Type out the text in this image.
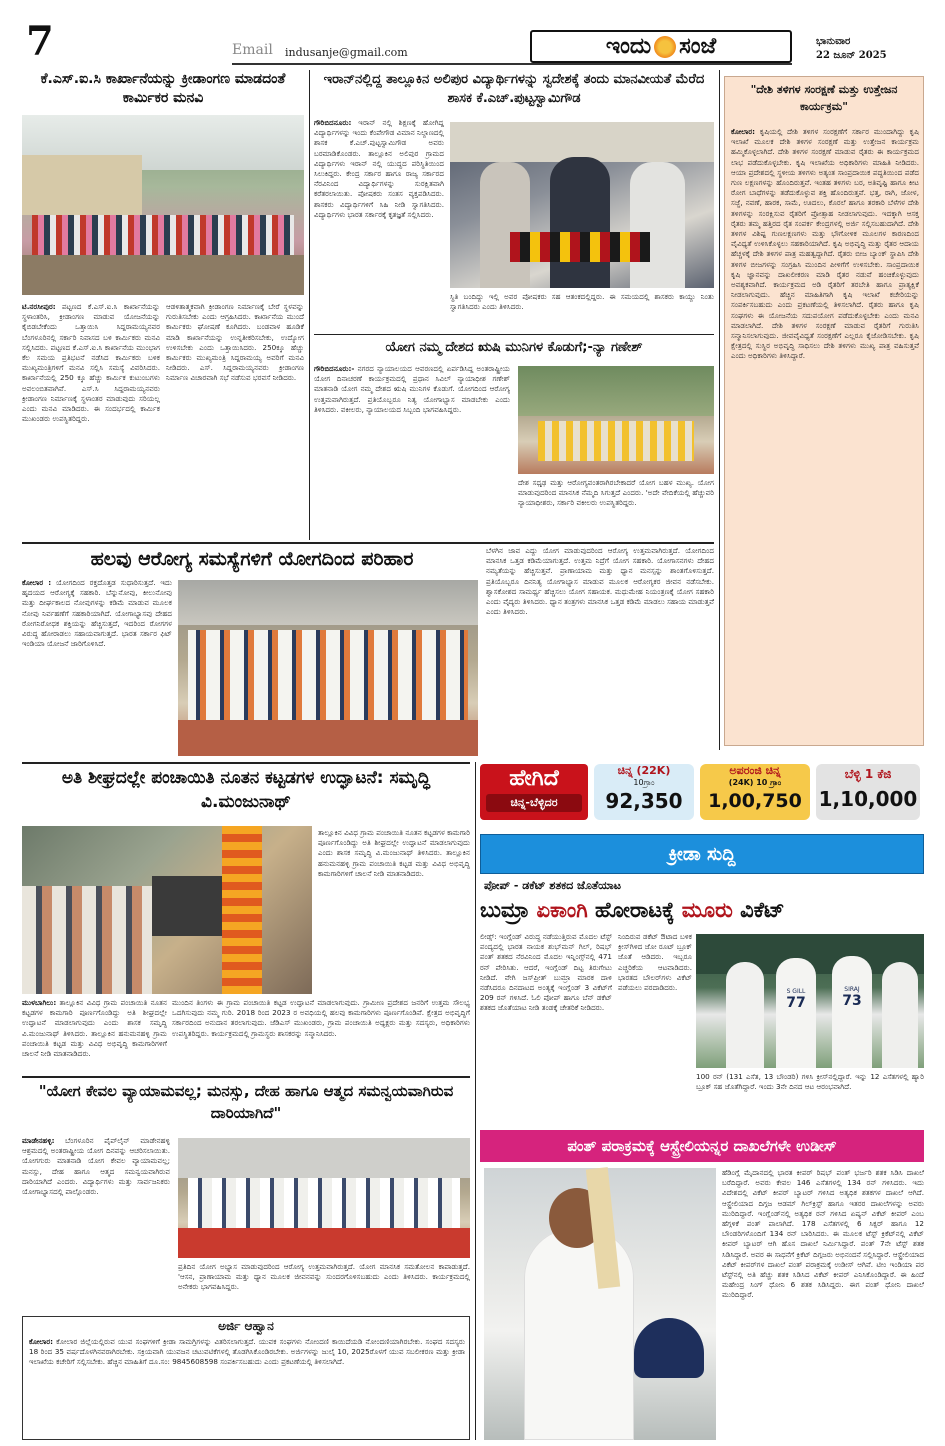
7	Email indusanje@gmail.com	ಇಂದು ಸಂಜೆ	ಭಾನುವಾರ
22 ಜೂನ್ 2025
ಕೆ.ಎಸ್.ಐ.ಸಿ ಕಾರ್ಖಾನೆಯನ್ನು ಕ್ರೀಡಾಂಗಣ ಮಾಡದಂತೆ ಕಾರ್ಮಿಕರ ಮನವಿ
ಟಿ.ನರಸೀಪುರ: ಪಟ್ಟಣದ ಕೆ.ಎಸ್.ಐ.ಸಿ ಕಾರ್ಖಾನೆಯನ್ನು ಸ್ಥಳಾಂತರಿಸಿ, ಕ್ರೀಡಾಂಗಣ ಮಾಡುವ ಯೋಜನೆಯನ್ನು ಕೈಬಿಡಬೇಕೆಂದು ಒತ್ತಾಯಿಸಿ ಸಿದ್ದರಾಮಯ್ಯನವರ ಬೆಂಗಳೂರಿನಲ್ಲಿ ಸರ್ಕಾರಿ ನಿವಾಸದ ಬಳಿ ಕಾರ್ಮಿಕರು ಮನವಿ ಸಲ್ಲಿಸಿದರು. ಪಟ್ಟಣದ ಕೆ.ಎಸ್.ಐ.ಸಿ ಕಾರ್ಖಾನೆಯ ಮುಂಭಾಗ ಕೆಲ ಸಮಯ ಪ್ರತಿಭಟನೆ ನಡೆಸಿದ ಕಾರ್ಮಿಕರು ಬಳಿಕ ಮುಖ್ಯಮಂತ್ರಿಗಳಿಗೆ ಮನವಿ ಸಲ್ಲಿಸಿ ಸಮಸ್ಯೆ ವಿವರಿಸಿದರು. ಕಾರ್ಖಾನೆಯಲ್ಲಿ 250 ಕ್ಕೂ ಹೆಚ್ಚು ಕಾರ್ಮಿಕ ಕುಟುಂಬಗಳು ಅವಲಂಬಿತವಾಗಿವೆ. ಎಸ್.ಸಿ ಸಿದ್ದರಾಮಯ್ಯನವರು ಕ್ರೀಡಾಂಗಣ ನಿರ್ಮಾಣಕ್ಕೆ ಸ್ಥಳಾಂತರ ಮಾಡುವುದು ಸರಿಯಲ್ಲ ಎಂದು ಮನವಿ ಮಾಡಿದರು. ಈ ಸಂದರ್ಭದಲ್ಲಿ ಕಾರ್ಮಿಕ ಮುಖಂಡರು ಉಪಸ್ಥಿತರಿದ್ದರು.
ಆಡಳಿತಾತ್ಮಕವಾಗಿ ಕ್ರೀಡಾಂಗಣ ನಿರ್ಮಾಣಕ್ಕೆ ಬೇರೆ ಸ್ಥಳವನ್ನು ಗುರುತಿಸಬೇಕು ಎಂದು ಆಗ್ರಹಿಸಿದರು. ಕಾರ್ಖಾನೆಯ ಮುಂದೆ ಕಾರ್ಮಿಕರು ಘೋಷಣೆ ಕೂಗಿದರು. ಬಂಡವಾಳ ಹೂಡಿಕೆ ಮಾಡಿ ಕಾರ್ಖಾನೆಯನ್ನು ಉನ್ನತೀಕರಿಸಬೇಕು, ಉದ್ಯೋಗ ಉಳಿಸಬೇಕು ಎಂದು ಒತ್ತಾಯಿಸಿದರು. 250ಕ್ಕೂ ಹೆಚ್ಚು ಕಾರ್ಮಿಕರು ಮುಖ್ಯಮಂತ್ರಿ ಸಿದ್ದರಾಮಯ್ಯ ಅವರಿಗೆ ಮನವಿ ನೀಡಿದರು. ಎಸ್. ಸಿದ್ದರಾಮಯ್ಯನವರು ಕ್ರೀಡಾಂಗಣ ನಿರ್ಮಾಣ ವಿಚಾರವಾಗಿ ಸಭೆ ನಡೆಸುವ ಭರವಸೆ ನೀಡಿದರು.
ಇರಾನ್‌ನಲ್ಲಿದ್ದ ತಾಲ್ಲೂಕಿನ ಅಲಿಪುರ ವಿದ್ಯಾರ್ಥಿಗಳನ್ನು ಸ್ವದೇಶಕ್ಕೆ ತಂದು ಮಾನವೀಯತೆ ಮೆರೆದ ಶಾಸಕ ಕೆ.ಎಚ್.ಪುಟ್ಟಸ್ವಾಮಿಗೌಡ
ಗೌರಿಬಿದನೂರು: ಇರಾನ್ ನಲ್ಲಿ ಶಿಕ್ಷಣಕ್ಕೆ ಹೋಗಿದ್ದ ವಿದ್ಯಾರ್ಥಿಗಳನ್ನು ಇಂದು ಕೆಂಪೇಗೌಡ ವಿಮಾನ ನಿಲ್ದಾಣದಲ್ಲಿ ಶಾಸಕ ಕೆ.ಎಚ್.ಪುಟ್ಟಸ್ವಾಮಿಗೌಡ ಅವರು ಬರಮಾಡಿಕೊಂಡರು. ತಾಲ್ಲೂಕಿನ ಅಲಿಪುರ ಗ್ರಾಮದ ವಿದ್ಯಾರ್ಥಿಗಳು ಇರಾನ್ ನಲ್ಲಿ ಯುದ್ಧದ ಪರಿಸ್ಥಿತಿಯಿಂದ ಸಿಲುಕಿದ್ದರು. ಕೇಂದ್ರ ಸರ್ಕಾರ ಹಾಗೂ ರಾಜ್ಯ ಸರ್ಕಾರದ ನೆರವಿನಿಂದ ವಿದ್ಯಾರ್ಥಿಗಳನ್ನು ಸುರಕ್ಷಿತವಾಗಿ ಕರೆತರಲಾಯಿತು. ಪೋಷಕರು ಸಂತಸ ವ್ಯಕ್ತಪಡಿಸಿದರು. ಶಾಸಕರು ವಿದ್ಯಾರ್ಥಿಗಳಿಗೆ ಸಿಹಿ ನೀಡಿ ಸ್ವಾಗತಿಸಿದರು. ವಿದ್ಯಾರ್ಥಿಗಳು ಭಾರತ ಸರ್ಕಾರಕ್ಕೆ ಕೃತಜ್ಞತೆ ಸಲ್ಲಿಸಿದರು.
ಸ್ಥಿತಿ ಬಂದಿದ್ದು ಇಲ್ಲಿ ಅವರ ಪೋಷಕರು ಸಹ ಆತಂಕದಲ್ಲಿದ್ದರು. ಈ ಸಮಯದಲ್ಲಿ ಶಾಸಕರು ಕಾಯ್ದು ನಿಂತು ಸ್ವಾಗತಿಸಿದರು ಎಂದು ತಿಳಿಸಿದರು.
ಯೋಗ ನಮ್ಮ ದೇಶದ ಋಷಿ ಮುನಿಗಳ ಕೊಡುಗೆ;-ನ್ಯಾ ಗಣೇಶ್
ಗೌರಿಬಿದನೂರು:- ನಗರದ ನ್ಯಾಯಾಲಯದ ಆವರಣದಲ್ಲಿ ಏರ್ಪಡಿಸಿದ್ದ ಅಂತರಾಷ್ಟ್ರೀಯ ಯೋಗ ದಿನಾಚರಣೆ ಕಾರ್ಯಕ್ರಮದಲ್ಲಿ ಪ್ರಧಾನ ಸಿವಿಲ್ ನ್ಯಾಯಾಧೀಶ ಗಣೇಶ್ ಮಾತನಾಡಿ ಯೋಗ ನಮ್ಮ ದೇಶದ ಋಷಿ ಮುನಿಗಳ ಕೊಡುಗೆ. ಯೋಗದಿಂದ ಆರೋಗ್ಯ ಉತ್ತಮವಾಗಿರುತ್ತದೆ. ಪ್ರತಿಯೊಬ್ಬರೂ ನಿತ್ಯ ಯೋಗಾಭ್ಯಾಸ ಮಾಡಬೇಕು ಎಂದು ತಿಳಿಸಿದರು. ವಕೀಲರು, ನ್ಯಾಯಾಲಯದ ಸಿಬ್ಬಂದಿ ಭಾಗವಹಿಸಿದ್ದರು.
ದೇಶ ಸಧೃಢ ಮತ್ತು ಆರೋಗ್ಯವಂತರಾಗಿರಬೇಕಾದರೆ ಯೋಗ ಬಹಳ ಮುಖ್ಯ. ಯೋಗ ಮಾಡುವುದರಿಂದ ಮಾನಸಿಕ ನೆಮ್ಮದಿ ಸಿಗುತ್ತದೆ ಎಂದರು. 'ಅದೇ ವೇದಿಕೆಯಲ್ಲಿ ಹೆಚ್ಚುವರಿ ನ್ಯಾಯಾಧೀಶರು, ಸರ್ಕಾರಿ ವಕೀಲರು ಉಪಸ್ಥಿತರಿದ್ದರು.
"ದೇಶಿ ತಳಿಗಳ ಸಂರಕ್ಷಣೆ ಮತ್ತು ಉತ್ತೇಜನ ಕಾರ್ಯಕ್ರಮ"
ಕೋಲಾರ: ಕೃಷಿಯಲ್ಲಿ ದೇಶಿ ತಳಿಗಳ ಸಂರಕ್ಷಣೆಗೆ ಸರ್ಕಾರ ಮುಂದಾಗಿದ್ದು ಕೃಷಿ ಇಲಾಖೆ ಮೂಲಕ ದೇಶಿ ತಳಿಗಳ ಸಂರಕ್ಷಣೆ ಮತ್ತು ಉತ್ತೇಜನ ಕಾರ್ಯಕ್ರಮ ಹಮ್ಮಿಕೊಳ್ಳಲಾಗಿದೆ. ದೇಶಿ ತಳಿಗಳ ಸಂರಕ್ಷಣೆ ಮಾಡುವ ರೈತರು ಈ ಕಾರ್ಯಕ್ರಮದ ಲಾಭ ಪಡೆದುಕೊಳ್ಳಬೇಕು. ಕೃಷಿ ಇಲಾಖೆಯ ಅಧಿಕಾರಿಗಳು ಮಾಹಿತಿ ನೀಡಿದರು. ಆಯಾ ಪ್ರದೇಶದಲ್ಲಿ ಸ್ಥಳೀಯ ತಳಿಗಳು ಅತ್ಯಂತ ಸಾಂಪ್ರದಾಯಿಕ ಪದ್ಧತಿಯಿಂದ ಪಡೆದ ಗುಣ ಲಕ್ಷಣಗಳನ್ನು ಹೊಂದಿರುತ್ತವೆ. ಇಂತಹ ತಳಿಗಳು ಬರ, ಅತಿವೃಷ್ಟಿ ಹಾಗೂ ಕೀಟ ರೋಗ ಬಾಧೆಗಳನ್ನು ತಡೆದುಕೊಳ್ಳುವ ಶಕ್ತಿ ಹೊಂದಿರುತ್ತವೆ. ಭತ್ತ, ರಾಗಿ, ಜೋಳ, ಸಜ್ಜೆ, ನವಣೆ, ಹಾರಕ, ಸಾಮೆ, ಊದಲು, ಕೊರಲೆ ಹಾಗೂ ತರಕಾರಿ ಬೆಳೆಗಳ ದೇಶಿ ತಳಿಗಳನ್ನು ಸಂರಕ್ಷಿಸುವ ರೈತರಿಗೆ ಪ್ರೋತ್ಸಾಹ ನೀಡಲಾಗುವುದು. ಇದಕ್ಕಾಗಿ ಆಸಕ್ತ ರೈತರು ತಮ್ಮ ಹತ್ತಿರದ ರೈತ ಸಂಪರ್ಕ ಕೇಂದ್ರಗಳಲ್ಲಿ ಅರ್ಜಿ ಸಲ್ಲಿಸಬಹುದಾಗಿದೆ. ದೇಶಿ ತಳಿಗಳ ವಿಶಿಷ್ಟ ಗುಣಲಕ್ಷಣಗಳು ಮತ್ತು ಭೌಗೋಳಿಕ ಮೂಲಗಳ ಕಾರಣದಿಂದ ವೈವಿಧ್ಯತೆ ಉಳಿಸಿಕೊಳ್ಳಲು ಸಹಕಾರಿಯಾಗಿದೆ. ಕೃಷಿ ಅಭಿವೃದ್ಧಿ ಮತ್ತು ರೈತರ ಆದಾಯ ಹೆಚ್ಚಳಕ್ಕೆ ದೇಶಿ ತಳಿಗಳ ಪಾತ್ರ ಮಹತ್ವದ್ದಾಗಿದೆ. ರೈತರು ಬೀಜ ಬ್ಯಾಂಕ್ ಸ್ಥಾಪಿಸಿ ದೇಶಿ ತಳಿಗಳ ಬೀಜಗಳನ್ನು ಸಂಗ್ರಹಿಸಿ ಮುಂದಿನ ಪೀಳಿಗೆಗೆ ಉಳಿಸಬೇಕು. ಸಾಂಪ್ರದಾಯಿಕ ಕೃಷಿ ಜ್ಞಾನವನ್ನು ದಾಖಲೀಕರಣ ಮಾಡಿ ರೈತರ ನಡುವೆ ಹಂಚಿಕೊಳ್ಳುವುದು ಅವಶ್ಯಕವಾಗಿದೆ. ಕಾರ್ಯಕ್ರಮದ ಅಡಿ ರೈತರಿಗೆ ತರಬೇತಿ ಹಾಗೂ ಪ್ರಾತ್ಯಕ್ಷಿಕೆ ನೀಡಲಾಗುವುದು. ಹೆಚ್ಚಿನ ಮಾಹಿತಿಗಾಗಿ ಕೃಷಿ ಇಲಾಖೆ ಕಚೇರಿಯನ್ನು ಸಂಪರ್ಕಿಸಬಹುದು ಎಂದು ಪ್ರಕಟಣೆಯಲ್ಲಿ ತಿಳಿಸಲಾಗಿದೆ. ರೈತರು ಹಾಗೂ ಕೃಷಿ ಸಂಘಗಳು ಈ ಯೋಜನೆಯ ಸದುಪಯೋಗ ಪಡೆದುಕೊಳ್ಳಬೇಕು ಎಂದು ಮನವಿ ಮಾಡಲಾಗಿದೆ. ದೇಶಿ ತಳಿಗಳ ಸಂರಕ್ಷಣೆ ಮಾಡುವ ರೈತರಿಗೆ ಗುರುತಿಸಿ ಸನ್ಮಾನಿಸಲಾಗುವುದು. ಜೀವವೈವಿಧ್ಯತೆ ಸಂರಕ್ಷಣೆಗೆ ಎಲ್ಲರೂ ಕೈಜೋಡಿಸಬೇಕು. ಕೃಷಿ ಕ್ಷೇತ್ರದಲ್ಲಿ ಸುಸ್ಥಿರ ಅಭಿವೃದ್ಧಿ ಸಾಧಿಸಲು ದೇಶಿ ತಳಿಗಳು ಮುಖ್ಯ ಪಾತ್ರ ವಹಿಸುತ್ತವೆ ಎಂದು ಅಧಿಕಾರಿಗಳು ತಿಳಿಸಿದ್ದಾರೆ.
ಹಲವು ಆರೋಗ್ಯ ಸಮಸ್ಯೆಗಳಿಗೆ ಯೋಗದಿಂದ ಪರಿಹಾರ
ಕೋಲಾರ : ಯೋಗದಿಂದ ರಕ್ತದೊತ್ತಡ ಸುಧಾರಿಸುತ್ತದೆ. ಇದು ಹೃದಯದ ಆರೋಗ್ಯಕ್ಕೆ ಸಹಕಾರಿ. ಬೆನ್ನುನೋವು, ಕೀಲುನೋವು ಮತ್ತು ದೀರ್ಘಕಾಲದ ನೋವುಗಳನ್ನು ಕಡಿಮೆ ಮಾಡುವ ಮೂಲಕ ನೋವು ನಿರ್ವಹಣೆಗೆ ಸಹಕಾರಿಯಾಗಿದೆ. ಯೋಗಾಭ್ಯಾಸವು ದೇಹದ ರೋಗನಿರೋಧಕ ಶಕ್ತಿಯನ್ನು ಹೆಚ್ಚಿಸುತ್ತದೆ, ಇದರಿಂದ ರೋಗಗಳ ವಿರುದ್ಧ ಹೋರಾಡಲು ಸಹಾಯವಾಗುತ್ತದೆ. ಭಾರತ ಸರ್ಕಾರ ಫಿಟ್ ಇಂಡಿಯಾ ಯೋಜನೆ ಜಾರಿಗೊಳಿಸಿದೆ.
ಬೆಳಗಿನ ಜಾವ ಎದ್ದು ಯೋಗ ಮಾಡುವುದರಿಂದ ಆರೋಗ್ಯ ಉತ್ತಮವಾಗಿರುತ್ತದೆ. ಯೋಗದಿಂದ ಮಾನಸಿಕ ಒತ್ತಡ ಕಡಿಮೆಯಾಗುತ್ತದೆ. ಉತ್ತಮ ನಿದ್ರೆಗೆ ಯೋಗ ಸಹಕಾರಿ. ಯೋಗಾಸನಗಳು ದೇಹದ ನಮ್ಯತೆಯನ್ನು ಹೆಚ್ಚಿಸುತ್ತವೆ. ಪ್ರಾಣಾಯಾಮ ಮತ್ತು ಧ್ಯಾನ ಮನಸ್ಸನ್ನು ಶಾಂತಗೊಳಿಸುತ್ತದೆ. ಪ್ರತಿಯೊಬ್ಬರೂ ದಿನನಿತ್ಯ ಯೋಗಾಭ್ಯಾಸ ಮಾಡುವ ಮೂಲಕ ಆರೋಗ್ಯಕರ ಜೀವನ ನಡೆಸಬೇಕು. ಶ್ವಾಸಕೋಶದ ಸಾಮರ್ಥ್ಯ ಹೆಚ್ಚಿಸಲು ಯೋಗ ಸಹಾಯಕ. ಮಧುಮೇಹ ನಿಯಂತ್ರಣಕ್ಕೆ ಯೋಗ ಸಹಕಾರಿ ಎಂದು ವೈದ್ಯರು ತಿಳಿಸಿದರು. ಧ್ಯಾನ ತಂತ್ರಗಳು ಮಾನಸಿಕ ಒತ್ತಡ ಕಡಿಮೆ ಮಾಡಲು ಸಹಾಯ ಮಾಡುತ್ತವೆ ಎಂದು ತಿಳಿಸಿದರು.
ಅತಿ ಶೀಘ್ರದಲ್ಲೇ ಪಂಚಾಯಿತಿ ನೂತನ ಕಟ್ಟಡಗಳ ಉದ್ಘಾಟನೆ: ಸಮೃದ್ಧಿ ವಿ.ಮಂಜುನಾಥ್
ಮುಳಬಾಗಿಲು: ತಾಲ್ಲೂಕಿನ ವಿವಿಧ ಗ್ರಾಮ ಪಂಚಾಯಿತಿ ನೂತನ ಕಟ್ಟಡಗಳ ಕಾಮಗಾರಿ ಪೂರ್ಣಗೊಂಡಿದ್ದು ಅತಿ ಶೀಘ್ರದಲ್ಲೇ ಉದ್ಘಾಟನೆ ಮಾಡಲಾಗುವುದು ಎಂದು ಶಾಸಕ ಸಮೃದ್ಧಿ ವಿ.ಮಂಜುನಾಥ್ ತಿಳಿಸಿದರು. ತಾಲ್ಲೂಕಿನ ಹನುಮನಹಳ್ಳಿ ಗ್ರಾಮ ಪಂಚಾಯಿತಿ ಕಟ್ಟಡ ಮತ್ತು ವಿವಿಧ ಅಭಿವೃದ್ಧಿ ಕಾಮಗಾರಿಗಳಿಗೆ ಚಾಲನೆ ನೀಡಿ ಮಾತನಾಡಿದರು.
ಮುಂದಿನ ತಿಂಗಳು ಈ ಗ್ರಾಮ ಪಂಚಾಯಿತಿ ಕಟ್ಟಡ ಉದ್ಘಾಟನೆ ಮಾಡಲಾಗುವುದು. ಗ್ರಾಮೀಣ ಪ್ರದೇಶದ ಜನರಿಗೆ ಉತ್ತಮ ಸೌಲಭ್ಯ ಒದಗಿಸುವುದು ನಮ್ಮ ಗುರಿ. 2018 ರಿಂದ 2023 ರ ಅವಧಿಯಲ್ಲಿ ಹಲವು ಕಾಮಗಾರಿಗಳು ಪೂರ್ಣಗೊಂಡಿವೆ. ಕ್ಷೇತ್ರದ ಅಭಿವೃದ್ಧಿಗೆ ಸರ್ಕಾರದಿಂದ ಅನುದಾನ ತರಲಾಗುವುದು. ಜೆಡಿಎಸ್ ಮುಖಂಡರು, ಗ್ರಾಮ ಪಂಚಾಯಿತಿ ಅಧ್ಯಕ್ಷರು ಮತ್ತು ಸದಸ್ಯರು, ಅಧಿಕಾರಿಗಳು ಉಪಸ್ಥಿತರಿದ್ದರು. ಕಾರ್ಯಕ್ರಮದಲ್ಲಿ ಗ್ರಾಮಸ್ಥರು ಶಾಸಕರನ್ನು ಸನ್ಮಾನಿಸಿದರು.
ತಾಲ್ಲೂಕಿನ ವಿವಿಧ ಗ್ರಾಮ ಪಂಚಾಯಿತಿ ನೂತನ ಕಟ್ಟಡಗಳ ಕಾಮಗಾರಿ ಪೂರ್ಣಗೊಂಡಿದ್ದು ಅತಿ ಶೀಘ್ರದಲ್ಲೇ ಉದ್ಘಾಟನೆ ಮಾಡಲಾಗುವುದು ಎಂದು ಶಾಸಕ ಸಮೃದ್ಧಿ ವಿ.ಮಂಜುನಾಥ್ ತಿಳಿಸಿದರು. ತಾಲ್ಲೂಕಿನ ಹನುಮನಹಳ್ಳಿ ಗ್ರಾಮ ಪಂಚಾಯಿತಿ ಕಟ್ಟಡ ಮತ್ತು ವಿವಿಧ ಅಭಿವೃದ್ಧಿ ಕಾಮಗಾರಿಗಳಿಗೆ ಚಾಲನೆ ನೀಡಿ ಮಾತನಾಡಿದರು.
"ಯೋಗ ಕೇವಲ ವ್ಯಾಯಾಮವಲ್ಲ; ಮನಸ್ಸು, ದೇಹ ಹಾಗೂ ಆತ್ಮದ ಸಮನ್ವಯವಾಗಿರುವ ದಾರಿಯಾಗಿದೆ"
ಮಾಡೇನಹಳ್ಳಿ: ಬೆಂಗಳೂರಿನ ಪೈಪ್‌ಲೈನ್ ಮಾಡೇನಹಳ್ಳಿ ಆಶ್ರಮದಲ್ಲಿ ಅಂತರಾಷ್ಟ್ರೀಯ ಯೋಗ ದಿನವನ್ನು ಆಚರಿಸಲಾಯಿತು. ಯೋಗಗುರು ಮಾತನಾಡಿ ಯೋಗ ಕೇವಲ ವ್ಯಾಯಾಮವಲ್ಲ; ಮನಸ್ಸು, ದೇಹ ಹಾಗೂ ಆತ್ಮದ ಸಮನ್ವಯವಾಗಿರುವ ದಾರಿಯಾಗಿದೆ ಎಂದರು. ವಿದ್ಯಾರ್ಥಿಗಳು ಮತ್ತು ಸಾರ್ವಜನಿಕರು ಯೋಗಾಭ್ಯಾಸದಲ್ಲಿ ಪಾಲ್ಗೊಂಡರು.
ಪ್ರತಿದಿನ ಯೋಗ ಅಭ್ಯಾಸ ಮಾಡುವುದರಿಂದ ಆರೋಗ್ಯ ಉತ್ತಮವಾಗಿರುತ್ತದೆ. ಯೋಗ ಮಾನಸಿಕ ಸಮತೋಲನ ಕಾಪಾಡುತ್ತದೆ. 'ಆಸನ, ಪ್ರಾಣಾಯಾಮ ಮತ್ತು ಧ್ಯಾನ ಮೂಲಕ ಜೀವನವನ್ನು ಸುಂದರಗೊಳಿಸಬಹುದು ಎಂದು ತಿಳಿಸಿದರು. ಕಾರ್ಯಕ್ರಮದಲ್ಲಿ ಅನೇಕರು ಭಾಗವಹಿಸಿದ್ದರು.
ಅರ್ಜಿ ಆಹ್ವಾನ
ಕೋಲಾರ: ಕೋಲಾರ ಜಿಲ್ಲೆಯಲ್ಲಿರುವ ಯುವ ಸಂಘಗಳಿಗೆ ಕ್ರೀಡಾ ಸಾಮಗ್ರಿಗಳನ್ನು ವಿತರಿಸಲಾಗುತ್ತದೆ. ಯುವಕ ಸಂಘಗಳು ನೋಂದಣಿ ಕಾಯಿದೆಯಡಿ ನೋಂದಣಿಯಾಗಿರಬೇಕು. ಸಂಘದ ಸದಸ್ಯರು 18 ರಿಂದ 35 ವರ್ಷದೊಳಗಿನವರಾಗಿರಬೇಕು. ಸಕ್ರಿಯವಾಗಿ ಯುವಜನ ಚಟುವಟಿಕೆಗಳಲ್ಲಿ ತೊಡಗಿಸಿಕೊಂಡಿರಬೇಕು. ಅರ್ಜಿಗಳನ್ನು ಜುಲೈ 10, 2025ರೊಳಗೆ ಯುವ ಸಬಲೀಕರಣ ಮತ್ತು ಕ್ರೀಡಾ ಇಲಾಖೆಯ ಕಚೇರಿಗೆ ಸಲ್ಲಿಸಬೇಕು. ಹೆಚ್ಚಿನ ಮಾಹಿತಿಗೆ ದೂ.ಸಂ: 9845608598 ಸಂಪರ್ಕಿಸಬಹುದು ಎಂದು ಪ್ರಕಟಣೆಯಲ್ಲಿ ತಿಳಿಸಲಾಗಿದೆ.
ಹೇಗಿದೆ
ಚಿನ್ನ-ಬೆಳ್ಳಿದರ
ಚಿನ್ನ (22K)
10ಗ್ರಾಂ
92,350
ಅಪರಂಜಿ ಚಿನ್ನ
(24K) 10 ಗ್ರಾಂ
1,00,750
ಬೆಳ್ಳಿ 1 ಕೆಜಿ
1,10,000
ಕ್ರೀಡಾ ಸುದ್ದಿ
ಪೋಪ್ - ಡಕೆಟ್ ಶತಕದ ಜೊತೆಯಾಟ
ಬುಮ್ರಾ ಏಕಾಂಗಿ ಹೋರಾಟಕ್ಕೆ ಮೂರು ವಿಕೆಟ್
ಲೀಡ್ಸ್: ಇಂಗ್ಲೆಂಡ್ ವಿರುದ್ಧ ನಡೆಯುತ್ತಿರುವ ಮೊದಲ ಟೆಸ್ಟ್ ಪಂದ್ಯದಲ್ಲಿ ಭಾರತ ನಾಯಕ ಶುಭ್‌ಮನ್ ಗಿಲ್, ರಿಷಭ್ ಪಂತ್ ಶತಕದ ನೆರವಿನಿಂದ ಮೊದಲ ಇನ್ನಿಂಗ್ಸ್‌ನಲ್ಲಿ 471 ರನ್ ಪೇರಿಸಿತು. ಆದರೆ, ಇಂಗ್ಲೆಂಡ್ ದಿಟ್ಟ ತಿರುಗೇಟು ನೀಡಿದೆ. ವೇಗಿ ಜಸ್‌ಪ್ರೀತ್ ಬುಮ್ರಾ ಮಾರಕ ದಾಳಿ ನಡೆಸಿದರೂ ದಿನದಾಟದ ಅಂತ್ಯಕ್ಕೆ ಇಂಗ್ಲೆಂಡ್ 3 ವಿಕೆಟ್‌ಗೆ 209 ರನ್ ಗಳಿಸಿದೆ. ಓಲಿ ಪೋಪ್ ಹಾಗೂ ಬೆನ್ ಡಕೆಟ್ ಶತಕದ ಜೊತೆಯಾಟ ನೀಡಿ ತಂಡಕ್ಕೆ ಚೇತರಿಕೆ ನೀಡಿದರು.
ನಿಂದಿರುವ ಡಕೆಟ್ ಔಟಾದ ಬಳಿಕ ಕ್ರೀಸ್‌ಗಿಳಿದ ಜೋ ರೂಟ್ ಬ್ರೂಕ್ ಜೊತೆ ಆಡಿದರು. ಇಬ್ಬರೂ ಎಚ್ಚರಿಕೆಯ ಆಟವಾಡಿದರು. ಭಾರತದ ಬೌಲರ್‌ಗಳು ವಿಕೆಟ್ ಪಡೆಯಲು ಪರದಾಡಿದರು.	S GILL
77
SIRAJ
73
100 ರನ್ (131 ಎಸೆತ, 13 ಬೌಂಡರಿ) ಗಳಿಸಿ ಕ್ರೀಸ್‌ನಲ್ಲಿದ್ದಾರೆ. ಇನ್ನು 12 ಎಸೆತಗಳಲ್ಲಿ ಹ್ಯಾರಿ ಬ್ರೂಕ್ ಸಹ ಜೊತೆಗಿದ್ದಾರೆ. ಇಂದು 3ನೇ ದಿನದ ಆಟ ಆರಂಭವಾಗಿದೆ.
ಪಂತ್ ಪರಾಕ್ರಮಕ್ಕೆ ಆಸ್ಟ್ರೇಲಿಯನ್ನರ ದಾಖಲೆಗಳೇ ಉಡೀಸ್
ಹೆಡಿಂಗ್ಲೆ ಮೈದಾನದಲ್ಲಿ ಭಾರತ ಕೀಪರ್ ರಿಷಭ್ ಪಂತ್ ಭರ್ಜರಿ ಶತಕ ಸಿಡಿಸಿ ದಾಖಲೆ ಬರೆದಿದ್ದಾರೆ. ಅವರು ಕೇವಲ 146 ಎಸೆತಗಳಲ್ಲಿ 134 ರನ್ ಗಳಿಸಿದರು. ಇದು ವಿದೇಶದಲ್ಲಿ ವಿಕೆಟ್ ಕೀಪರ್ ಬ್ಯಾಟರ್ ಗಳಿಸಿದ ಅತ್ಯಧಿಕ ಶತಕಗಳ ದಾಖಲೆ ಆಗಿದೆ. ಆಸ್ಟ್ರೇಲಿಯಾದ ದಿಗ್ಗಜ ಆಡಮ್ ಗಿಲ್‌ಕ್ರಿಸ್ಟ್ ಹಾಗೂ ಇತರರ ದಾಖಲೆಗಳನ್ನು ಅವರು ಮುರಿದಿದ್ದಾರೆ. ಇಂಗ್ಲೆಂಡ್‌ನಲ್ಲಿ ಅತ್ಯಧಿಕ ರನ್ ಗಳಿಸಿದ ಏಷ್ಯನ್ ವಿಕೆಟ್ ಕೀಪರ್ ಎಂಬ ಹೆಗ್ಗಳಿಕೆ ಪಂತ್ ಪಾಲಾಗಿದೆ. 178 ಎಸೆತಗಳಲ್ಲಿ 6 ಸಿಕ್ಸರ್ ಹಾಗೂ 12 ಬೌಂಡರಿಗಳೊಂದಿಗೆ 134 ರನ್ ಬಾರಿಸಿದರು. ಈ ಮೂಲಕ ಟೆಸ್ಟ್ ಕ್ರಿಕೆಟ್‌ನಲ್ಲಿ ವಿಕೆಟ್ ಕೀಪರ್ ಬ್ಯಾಟರ್ ಆಗಿ ಹೊಸ ದಾಖಲೆ ನಿರ್ಮಿಸಿದ್ದಾರೆ. ಪಂತ್ 7ನೇ ಟೆಸ್ಟ್ ಶತಕ ಸಿಡಿಸಿದ್ದಾರೆ. ಅವರ ಈ ಸಾಧನೆಗೆ ಕ್ರಿಕೆಟ್ ದಿಗ್ಗಜರು ಅಭಿನಂದನೆ ಸಲ್ಲಿಸಿದ್ದಾರೆ. ಆಸ್ಟ್ರೇಲಿಯಾದ ವಿಕೆಟ್ ಕೀಪರ್‌ಗಳ ದಾಖಲೆ ಪಂತ್ ಪರಾಕ್ರಮಕ್ಕೆ ಉಡೀಸ್ ಆಗಿವೆ. ಟೀಂ ಇಂಡಿಯಾ ಪರ ಟೆಸ್ಟ್‌ನಲ್ಲಿ ಅತಿ ಹೆಚ್ಚು ಶತಕ ಸಿಡಿಸಿದ ವಿಕೆಟ್ ಕೀಪರ್ ಎನಿಸಿಕೊಂಡಿದ್ದಾರೆ. ಈ ಹಿಂದೆ ಮಹೇಂದ್ರ ಸಿಂಗ್ ಧೋನಿ 6 ಶತಕ ಸಿಡಿಸಿದ್ದರು. ಈಗ ಪಂತ್ ಧೋನಿ ದಾಖಲೆ ಮುರಿದಿದ್ದಾರೆ.
